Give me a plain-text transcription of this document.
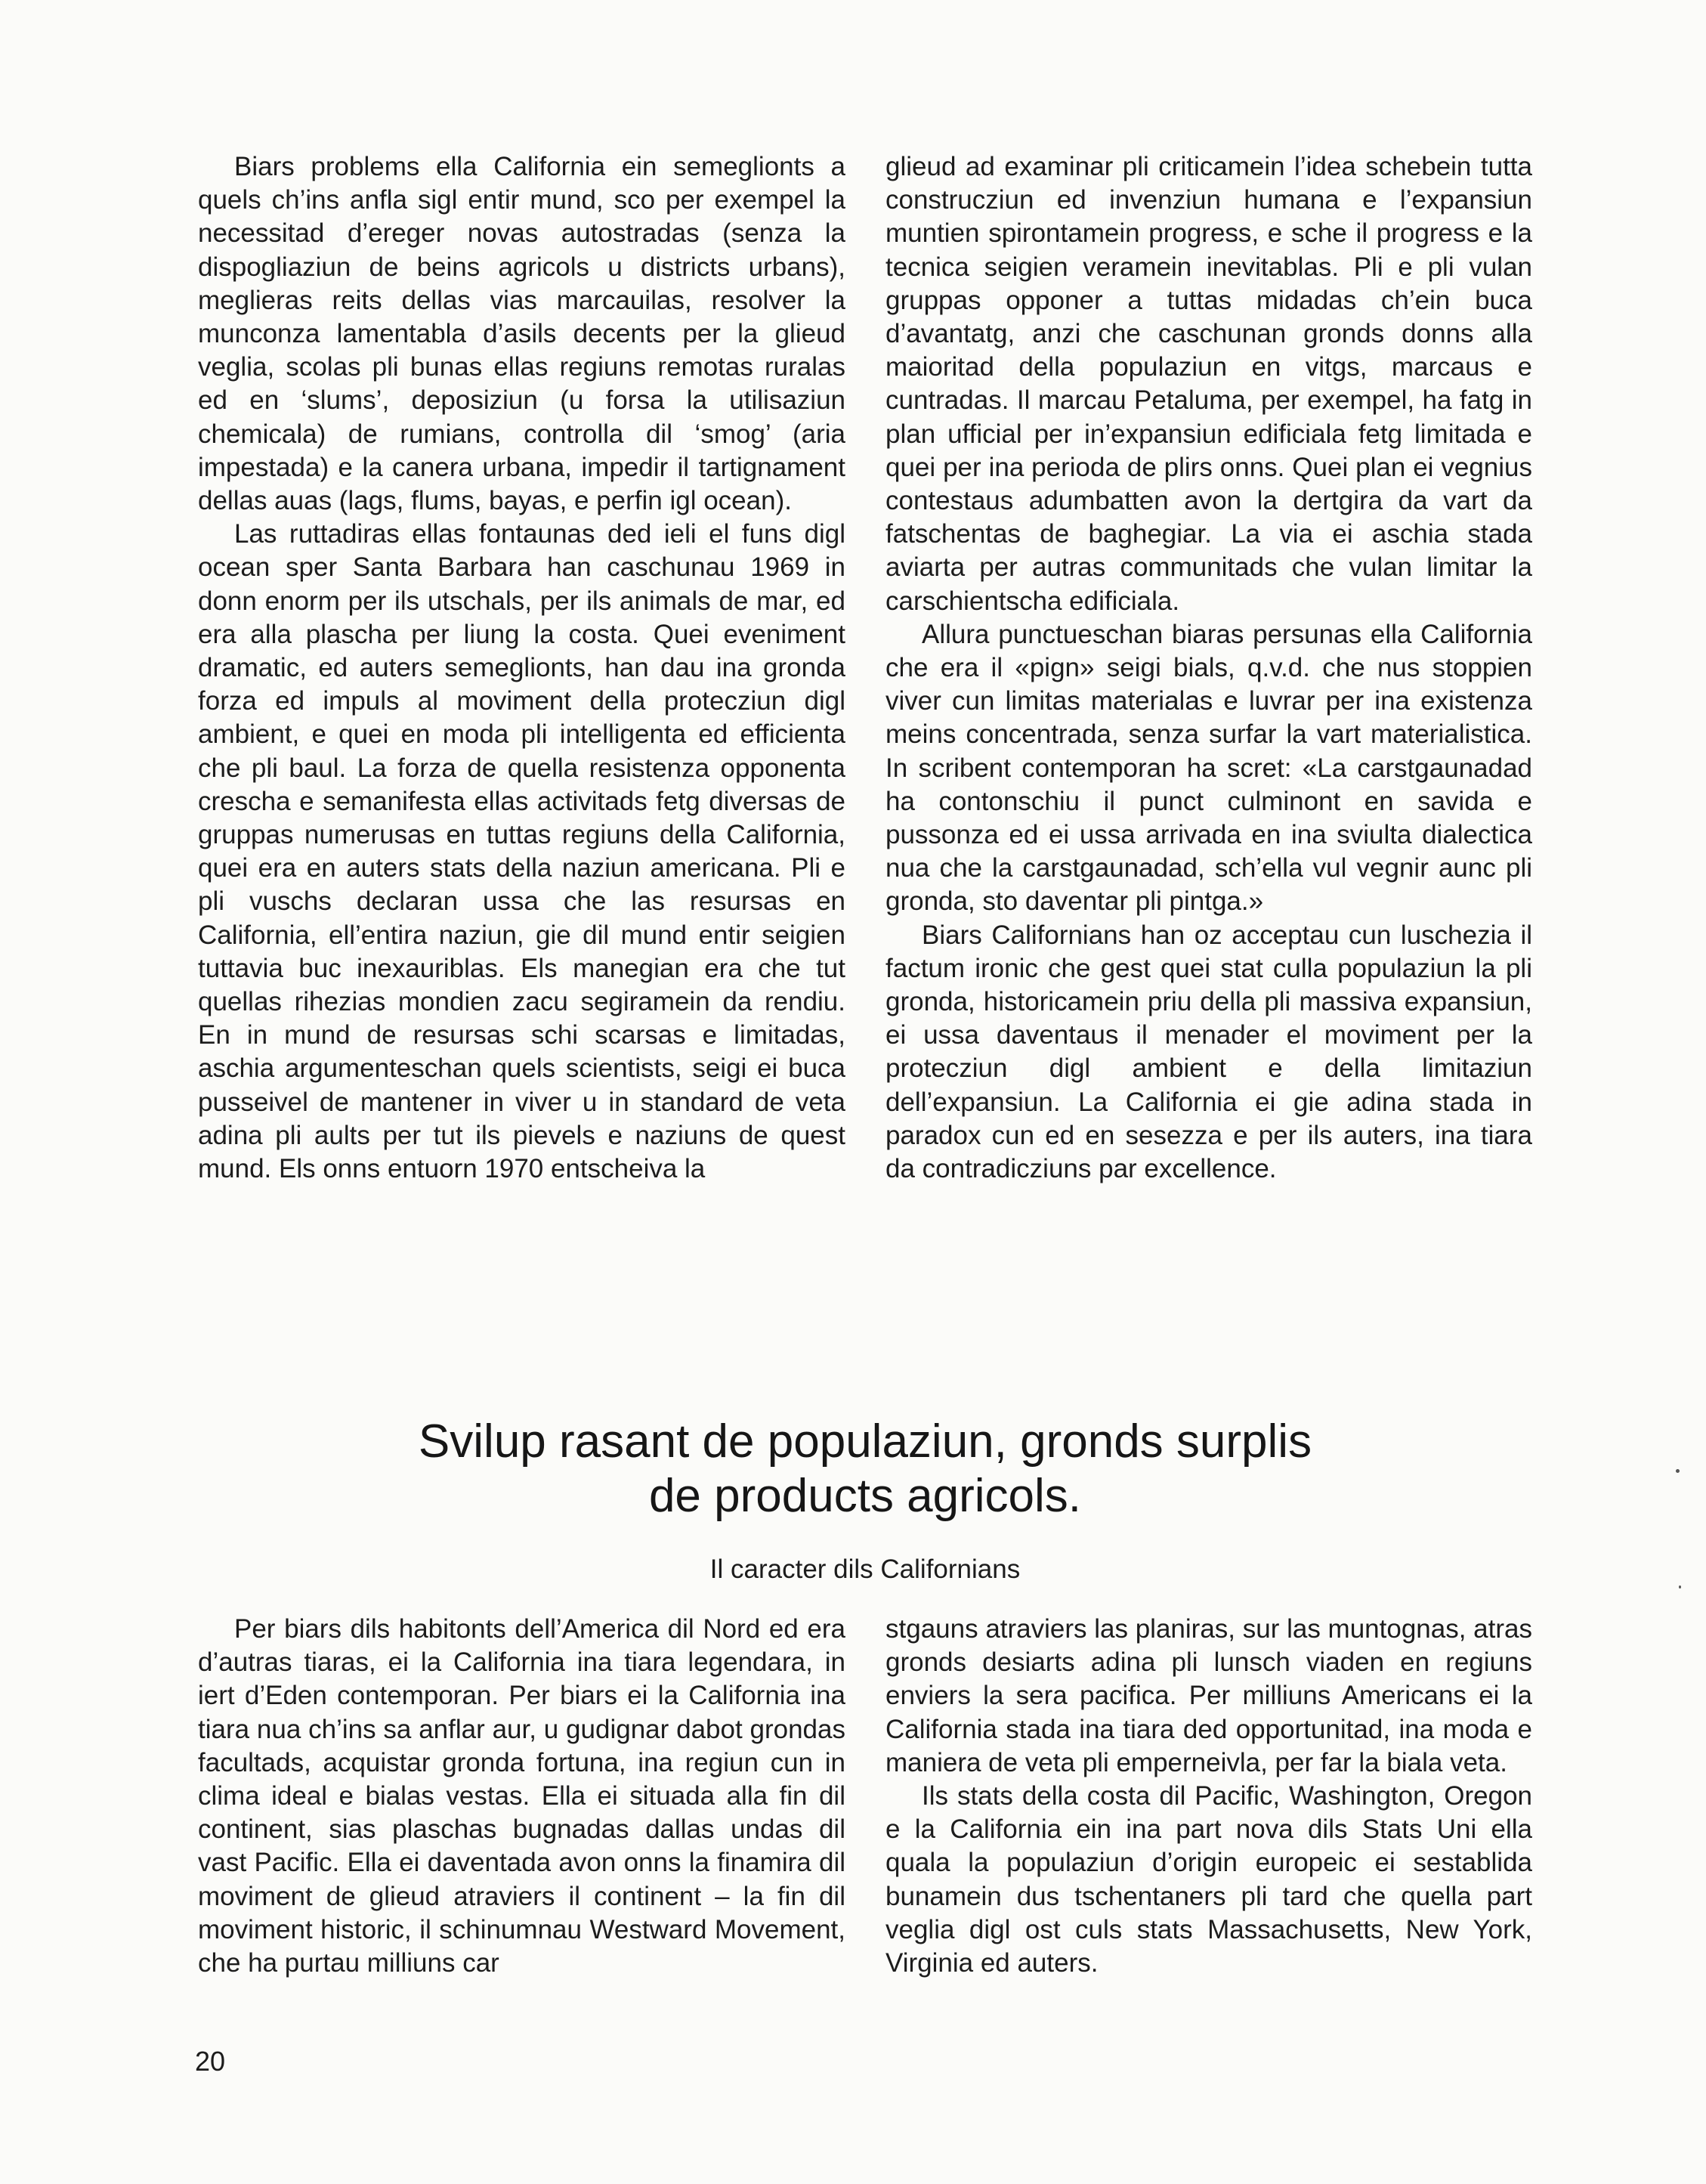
Biars problems ella California ein semeglionts a quels ch’ins anfla sigl entir mund, sco per exempel la necessitad d’ereger novas autostradas (senza la dispogliaziun de beins agricols u districts urbans), meglieras reits dellas vias marcauilas, resolver la munconza lamentabla d’asils decents per la glieud veglia, scolas pli bunas ellas regiuns remotas ruralas ed en ‘slums’, deposiziun (u forsa la utilisaziun chemicala) de rumians, controlla dil ‘smog’ (aria impestada) e la canera urbana, impedir il tartignament dellas auas (lags, flums, bayas, e perfin igl ocean).

Las ruttadiras ellas fontaunas ded ieli el funs digl ocean sper Santa Barbara han caschunau 1969 in donn enorm per ils utschals, per ils animals de mar, ed era alla plascha per liung la costa. Quei eveniment dramatic, ed auters semeglionts, han dau ina gronda forza ed impuls al moviment della protecziun digl ambient, e quei en moda pli intelligenta ed efficienta che pli baul. La forza de quella resistenza opponenta crescha e semanifesta ellas activitads fetg diversas de gruppas numerusas en tuttas regiuns della California, quei era en auters stats della naziun americana. Pli e pli vuschs declaran ussa che las resursas en California, ell’entira naziun, gie dil mund entir seigien tuttavia buc inexauriblas. Els manegian era che tut quellas rihezias mondien zacu segiramein da rendiu. En in mund de resursas schi scarsas e limitadas, aschia argumenteschan quels scientists, seigi ei buca pusseivel de mantener in viver u in standard de veta adina pli aults per tut ils pievels e naziuns de quest mund. Els onns entuorn 1970 entscheiva la

glieud ad examinar pli criticamein l’idea schebein tutta construcziun ed invenziun humana e l’expansiun muntien spirontamein progress, e sche il progress e la tecnica seigien veramein inevitablas. Pli e pli vulan gruppas opponer a tuttas midadas ch’ein buca d’avantatg, anzi che caschunan gronds donns alla maioritad della populaziun en vitgs, marcaus e cuntradas. Il marcau Petaluma, per exempel, ha fatg in plan ufficial per in’expansiun edificiala fetg limitada e quei per ina perioda de plirs onns. Quei plan ei vegnius contestaus adumbatten avon la dertgira da vart da fatschentas de baghegiar. La via ei aschia stada aviarta per autras communitads che vulan limitar la carschientscha edificiala.

Allura punctueschan biaras persunas ella California che era il «pign» seigi bials, q.v.d. che nus stoppien viver cun limitas materialas e luvrar per ina existenza meins concentrada, senza surfar la vart materialistica. In scribent contemporan ha scret: «La carstgaunadad ha contonschiu il punct culminont en savida e pussonza ed ei ussa arrivada en ina sviulta dialectica nua che la carstgaunadad, sch’ella vul vegnir aunc pli gronda, sto daventar pli pintga.»

Biars Californians han oz acceptau cun luschezia il factum ironic che gest quei stat culla populaziun la pli gronda, historicamein priu della pli massiva expansiun, ei ussa daventaus il menader el moviment per la protecziun digl ambient e della limitaziun dell’expansiun. La California ei gie adina stada in paradox cun ed en sesezza e per ils auters, ina tiara da contradicziuns par excellence.

Svilup rasant de populaziun, gronds surplis
de products agricols.
Il caracter dils Californians

Per biars dils habitonts dell’America dil Nord ed era d’autras tiaras, ei la California ina tiara legendara, in iert d’Eden contemporan. Per biars ei la California ina tiara nua ch’ins sa anflar aur, u gudignar dabot grondas facultads, acquistar gronda fortuna, ina regiun cun in clima ideal e bialas vestas. Ella ei situada alla fin dil continent, sias plaschas bugnadas dallas undas dil vast Pacific. Ella ei daventada avon onns la finamira dil moviment de glieud atraviers il continent – la fin dil moviment historic, il schinumnau Westward Movement, che ha purtau milliuns car

stgauns atraviers las planiras, sur las muntognas, atras gronds desiarts adina pli lunsch viaden en regiuns enviers la sera pacifica. Per milliuns Americans ei la California stada ina tiara ded opportunitad, ina moda e maniera de veta pli emperneivla, per far la biala veta.

Ils stats della costa dil Pacific, Washington, Oregon e la California ein ina part nova dils Stats Uni ella quala la populaziun d’origin europeic ei sestablida bunamein dus tschentaners pli tard che quella part veglia digl ost culs stats Massachusetts, New York, Virginia ed auters.

20
